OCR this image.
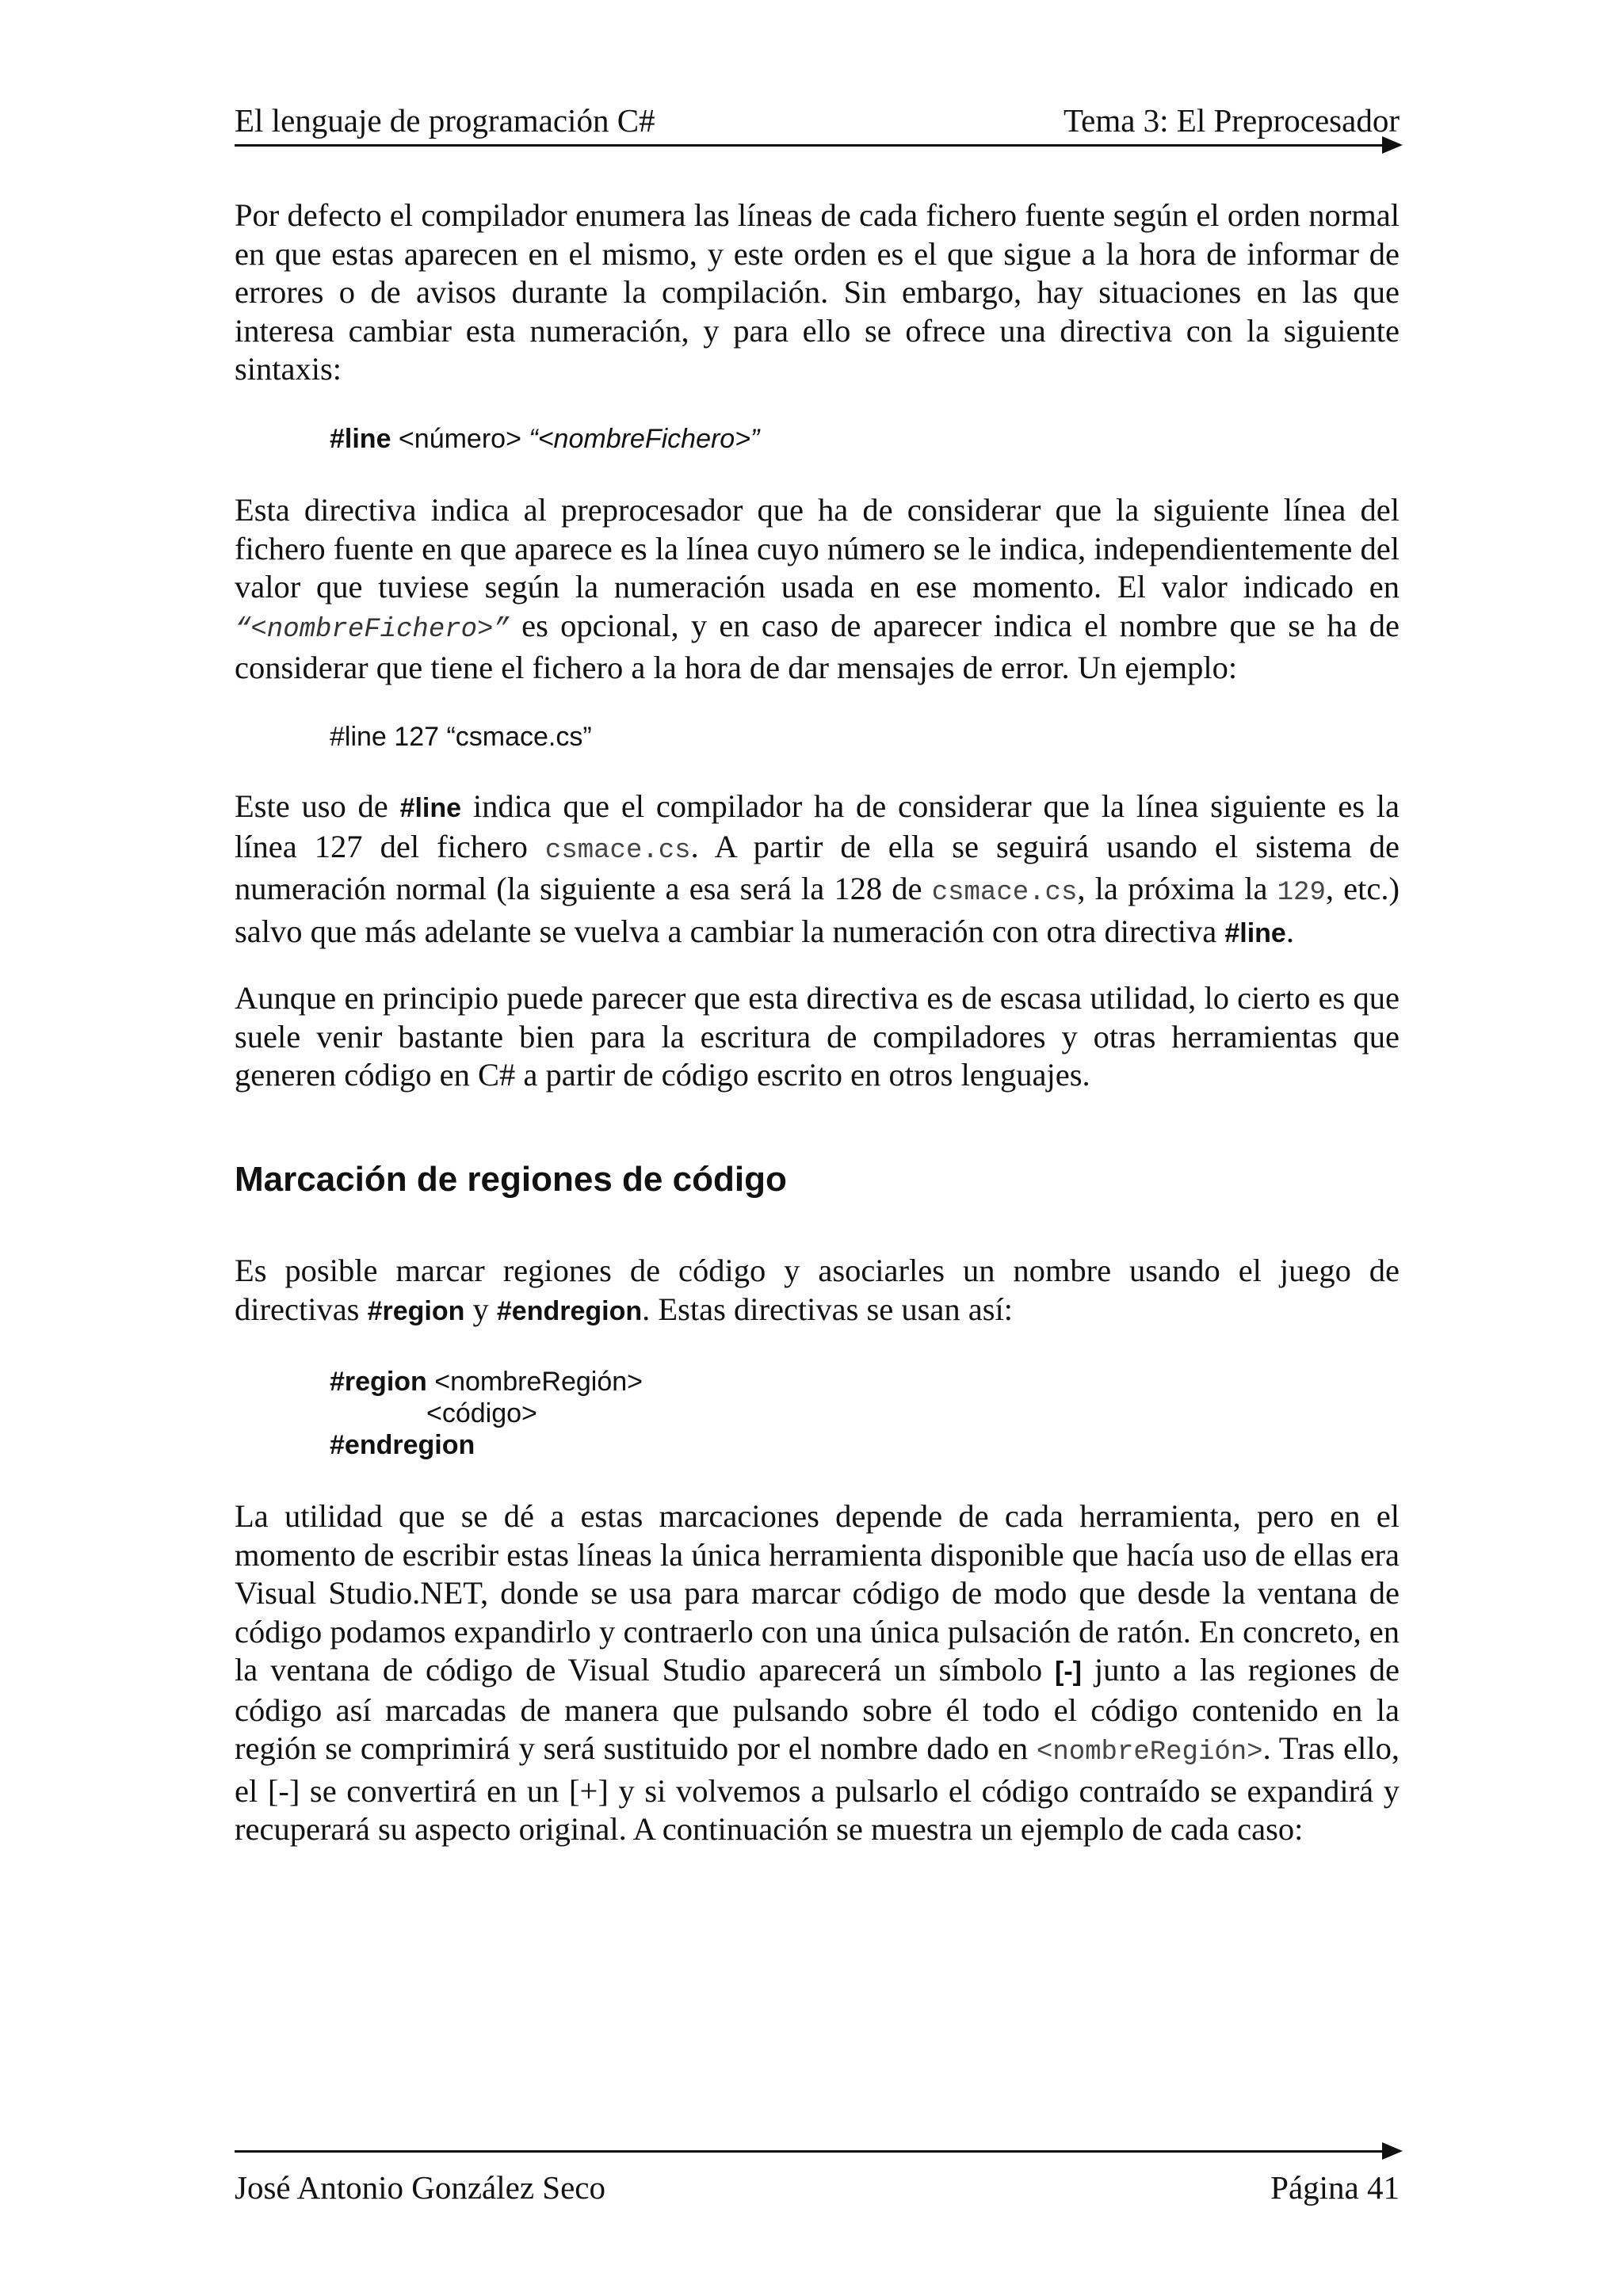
El lenguaje de programación C#	Tema 3: El Preprocesador

Por defecto el compilador enumera las líneas de cada fichero fuente según el orden normal en que estas aparecen en el mismo, y este orden es el que sigue a la hora de informar de errores o de avisos durante la compilación. Sin embargo, hay situaciones en las que interesa cambiar esta numeración, y para ello se ofrece una directiva con la siguiente sintaxis:

#line <número> “<nombreFichero>”

Esta directiva indica al preprocesador que ha de considerar que la siguiente línea del fichero fuente en que aparece es la línea cuyo número se le indica, independientemente del valor que tuviese según la numeración usada en ese momento. El valor indicado en “<nombreFichero>” es opcional, y en caso de aparecer indica el nombre que se ha de considerar que tiene el fichero a la hora de dar mensajes de error. Un ejemplo:

#line 127 “csmace.cs”

Este uso de #line indica que el compilador ha de considerar que la línea siguiente es la línea 127 del fichero csmace.cs. A partir de ella se seguirá usando el sistema de numeración normal (la siguiente a esa será la 128 de csmace.cs, la próxima la 129, etc.) salvo que más adelante se vuelva a cambiar la numeración con otra directiva #line.

Aunque en principio puede parecer que esta directiva es de escasa utilidad, lo cierto es que suele venir bastante bien para la escritura de compiladores y otras herramientas que generen código en C# a partir de código escrito en otros lenguajes.

Marcación de regiones de código

Es posible marcar regiones de código y asociarles un nombre usando el juego de directivas #region y #endregion. Estas directivas se usan así:

#region <nombreRegión>
<código>
#endregion

La utilidad que se dé a estas marcaciones depende de cada herramienta, pero en el momento de escribir estas líneas la única herramienta disponible que hacía uso de ellas era Visual Studio.NET, donde se usa para marcar código de modo que desde la ventana de código podamos expandirlo y contraerlo con una única pulsación de ratón. En concreto, en la ventana de código de Visual Studio aparecerá un símbolo [-] junto a las regiones de código así marcadas de manera que pulsando sobre él todo el código contenido en la región se comprimirá y será sustituido por el nombre dado en <nombreRegión>. Tras ello, el [-] se convertirá en un [+] y si volvemos a pulsarlo el código contraído se expandirá y recuperará su aspecto original. A continuación se muestra un ejemplo de cada caso:

José Antonio González Seco	Página 41
